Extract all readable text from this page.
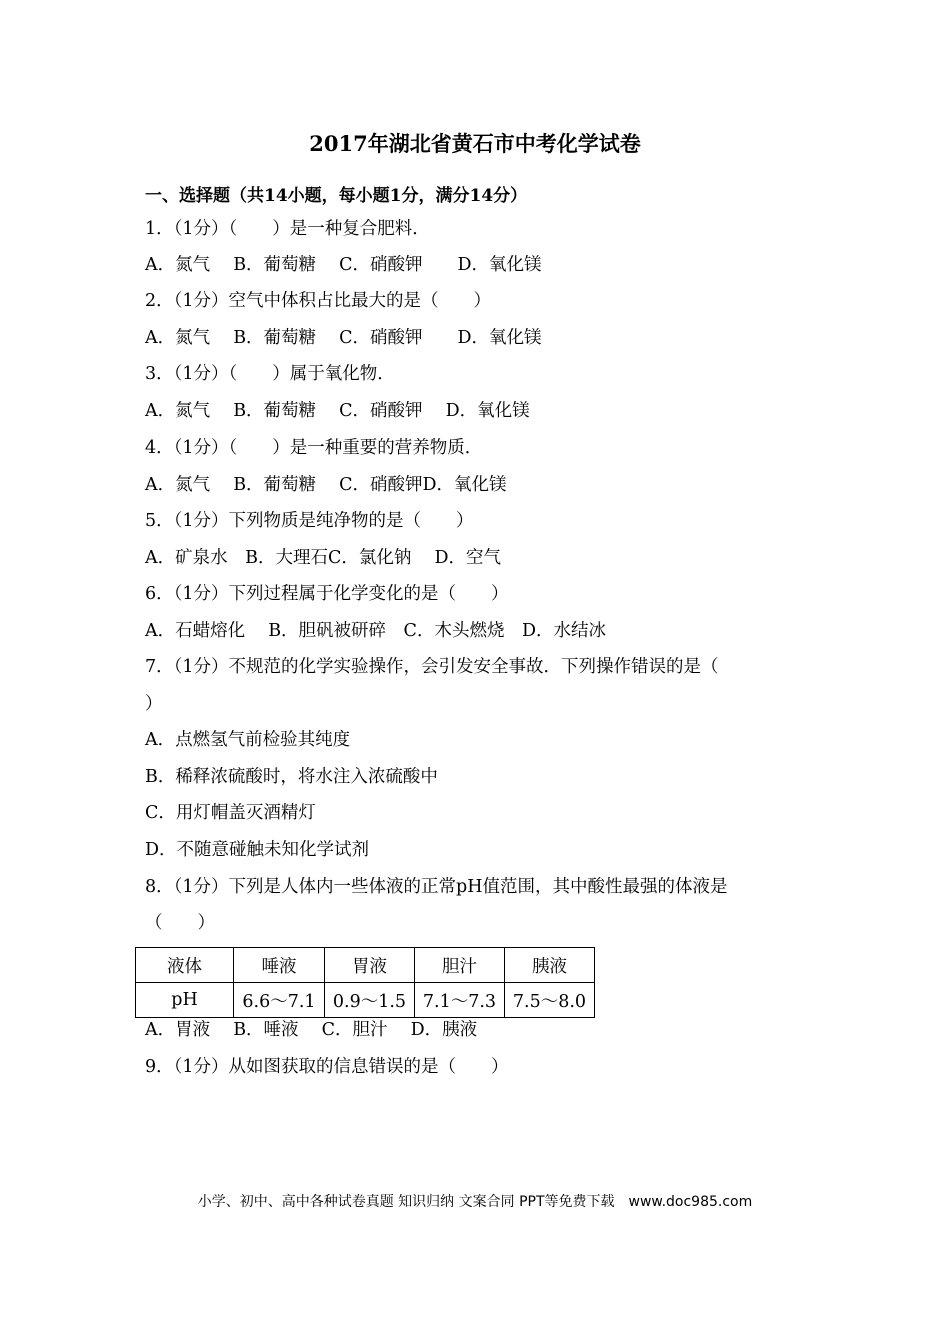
2017年湖北省黄石市中考化学试卷
一、选择题（共14小题，每小题1分，满分14分）
1．（1分）（　　）是一种复合肥料．
A．氮气　 B．葡萄糖　 C．硝酸钾　　D．氧化镁
2．（1分）空气中体积占比最大的是（　　）
A．氮气　 B．葡萄糖　 C．硝酸钾　　D．氧化镁
3．（1分）（　　）属于氧化物．
A．氮气　 B．葡萄糖　 C．硝酸钾　 D．氧化镁
4．（1分）（　　）是一种重要的营养物质．
A．氮气　 B．葡萄糖　 C．硝酸钾D．氧化镁
5．（1分）下列物质是纯净物的是（　　）
A．矿泉水　B．大理石C．氯化钠　 D．空气
6．（1分）下列过程属于化学变化的是（　　）
A．石蜡熔化　 B．胆矾被研碎　C．木头燃烧　D．水结冰
7．（1分）不规范的化学实验操作，会引发安全事故．下列操作错误的是（
）
A．点燃氢气前检验其纯度
B．稀释浓硫酸时，将水注入浓硫酸中
C．用灯帽盖灭酒精灯
D．不随意碰触未知化学试剂
8．（1分）下列是人体内一些体液的正常pH值范围，其中酸性最强的体液是
（　　）
液体	唾液	胃液	胆汁	胰液
pH	6.6～7.1	0.9～1.5	7.1～7.3	7.5～8.0
A．胃液　 B．唾液　 C．胆汁　 D．胰液
9．（1分）从如图获取的信息错误的是（　　）
小学、初中、高中各种试卷真题 知识归纳 文案合同 PPT等免费下载　www.doc985.com
